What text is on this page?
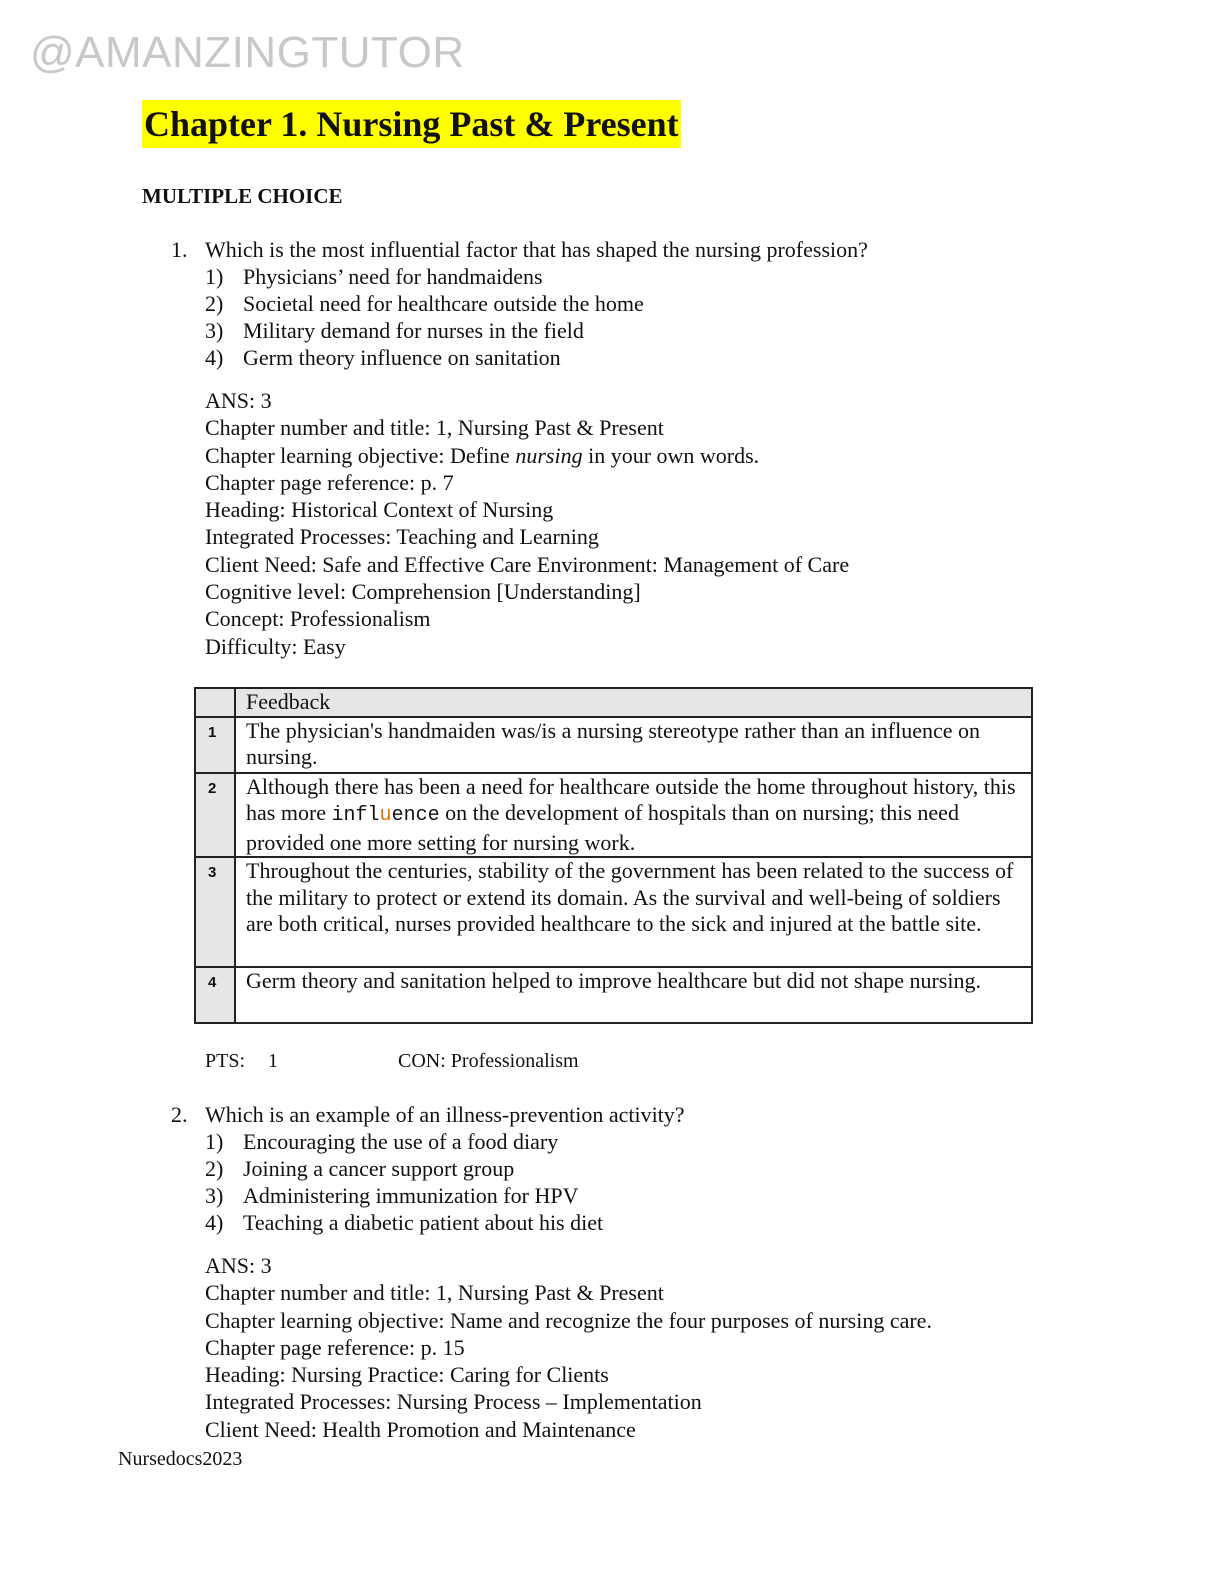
@AMANZINGTUTOR
Chapter 1. Nursing Past & Present
MULTIPLE CHOICE
1. Which is the most influential factor that has shaped the nursing profession?
1) Physicians’ need for handmaidens
2) Societal need for healthcare outside the home
3) Military demand for nurses in the field
4) Germ theory influence on sanitation
ANS: 3
Chapter number and title: 1, Nursing Past & Present
Chapter learning objective: Define nursing in your own words.
Chapter page reference: p. 7
Heading: Historical Context of Nursing
Integrated Processes: Teaching and Learning
Client Need: Safe and Effective Care Environment: Management of Care
Cognitive level: Comprehension [Understanding]
Concept: Professionalism
Difficulty: Easy
	Feedback
1	The physician's handmaiden was/is a nursing stereotype rather than an influence on nursing.
2	Although there has been a need for healthcare outside the home throughout history, this has more influence on the development of hospitals than on nursing; this need provided one more setting for nursing work.
3	Throughout the centuries, stability of the government has been related to the success of the military to protect or extend its domain. As the survival and well-being of soldiers are both critical, nurses provided healthcare to the sick and injured at the battle site.
4	Germ theory and sanitation helped to improve healthcare but did not shape nursing.
PTS: 1	CON: Professionalism
2. Which is an example of an illness-prevention activity?
1) Encouraging the use of a food diary
2) Joining a cancer support group
3) Administering immunization for HPV
4) Teaching a diabetic patient about his diet
ANS: 3
Chapter number and title: 1, Nursing Past & Present
Chapter learning objective: Name and recognize the four purposes of nursing care.
Chapter page reference: p. 15
Heading: Nursing Practice: Caring for Clients
Integrated Processes: Nursing Process – Implementation
Client Need: Health Promotion and Maintenance
Nursedocs2023
